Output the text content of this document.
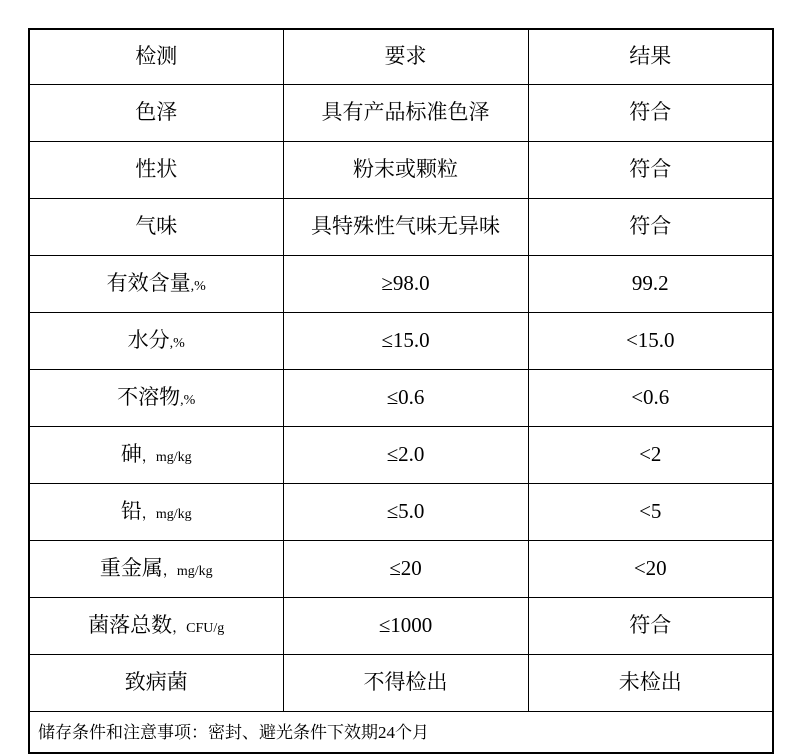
检测	要求	结果

色泽	具有产品标准色泽	符合

性状	粉末或颗粒	符合

气味	具特殊性气味无异味	符合

有效含量 ,%	≥98.0	99.2

水分 ,%	≤15.0	<15.0

不溶物 ,%	≤0.6	<0.6

砷 ，mg/kg	≤2.0	<2

铅 ，mg/kg	≤5.0	<5

重金属 ，mg/kg	≤20	<20

菌落总数 ，CFU/g	≤1000	符合

致病菌	不得检出	未检出
储存条件和注意事项：密封、避光条件下效期24个月		
